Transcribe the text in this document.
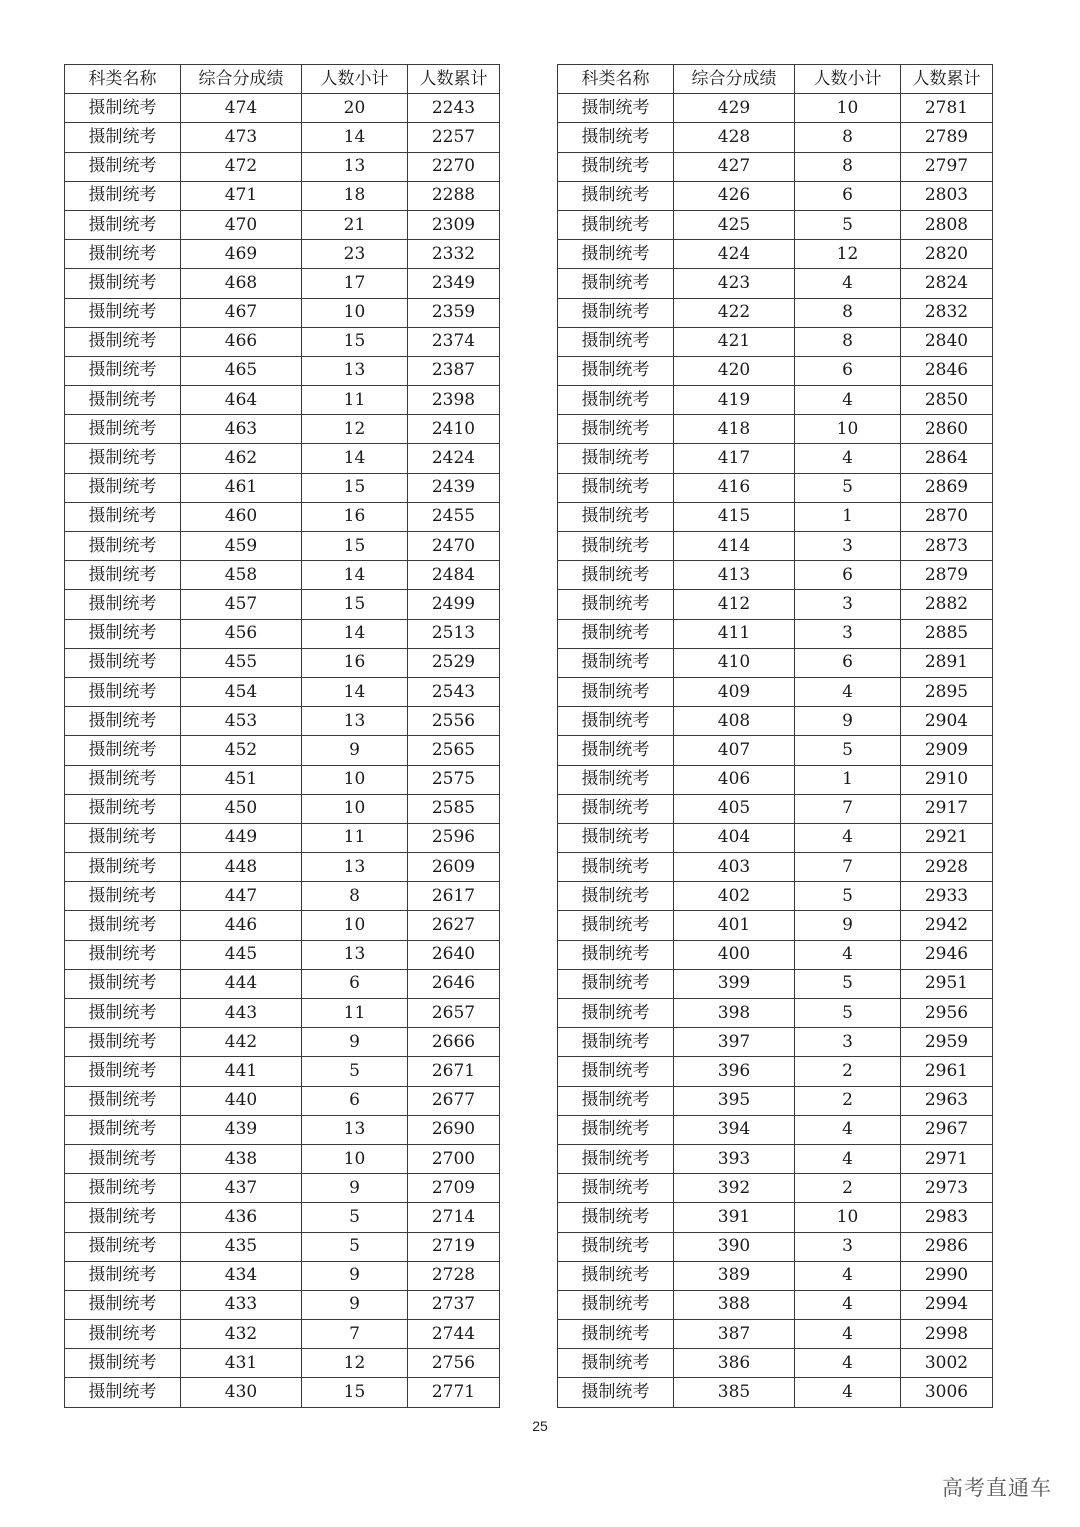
科类名称	综合分成绩	人数小计	人数累计
摄制统考	474	20	2243
摄制统考	473	14	2257
摄制统考	472	13	2270
摄制统考	471	18	2288
摄制统考	470	21	2309
摄制统考	469	23	2332
摄制统考	468	17	2349
摄制统考	467	10	2359
摄制统考	466	15	2374
摄制统考	465	13	2387
摄制统考	464	11	2398
摄制统考	463	12	2410
摄制统考	462	14	2424
摄制统考	461	15	2439
摄制统考	460	16	2455
摄制统考	459	15	2470
摄制统考	458	14	2484
摄制统考	457	15	2499
摄制统考	456	14	2513
摄制统考	455	16	2529
摄制统考	454	14	2543
摄制统考	453	13	2556
摄制统考	452	9	2565
摄制统考	451	10	2575
摄制统考	450	10	2585
摄制统考	449	11	2596
摄制统考	448	13	2609
摄制统考	447	8	2617
摄制统考	446	10	2627
摄制统考	445	13	2640
摄制统考	444	6	2646
摄制统考	443	11	2657
摄制统考	442	9	2666
摄制统考	441	5	2671
摄制统考	440	6	2677
摄制统考	439	13	2690
摄制统考	438	10	2700
摄制统考	437	9	2709
摄制统考	436	5	2714
摄制统考	435	5	2719
摄制统考	434	9	2728
摄制统考	433	9	2737
摄制统考	432	7	2744
摄制统考	431	12	2756
摄制统考	430	15	2771
科类名称	综合分成绩	人数小计	人数累计
摄制统考	429	10	2781
摄制统考	428	8	2789
摄制统考	427	8	2797
摄制统考	426	6	2803
摄制统考	425	5	2808
摄制统考	424	12	2820
摄制统考	423	4	2824
摄制统考	422	8	2832
摄制统考	421	8	2840
摄制统考	420	6	2846
摄制统考	419	4	2850
摄制统考	418	10	2860
摄制统考	417	4	2864
摄制统考	416	5	2869
摄制统考	415	1	2870
摄制统考	414	3	2873
摄制统考	413	6	2879
摄制统考	412	3	2882
摄制统考	411	3	2885
摄制统考	410	6	2891
摄制统考	409	4	2895
摄制统考	408	9	2904
摄制统考	407	5	2909
摄制统考	406	1	2910
摄制统考	405	7	2917
摄制统考	404	4	2921
摄制统考	403	7	2928
摄制统考	402	5	2933
摄制统考	401	9	2942
摄制统考	400	4	2946
摄制统考	399	5	2951
摄制统考	398	5	2956
摄制统考	397	3	2959
摄制统考	396	2	2961
摄制统考	395	2	2963
摄制统考	394	4	2967
摄制统考	393	4	2971
摄制统考	392	2	2973
摄制统考	391	10	2983
摄制统考	390	3	2986
摄制统考	389	4	2990
摄制统考	388	4	2994
摄制统考	387	4	2998
摄制统考	386	4	3002
摄制统考	385	4	3006
25
高考直通车
